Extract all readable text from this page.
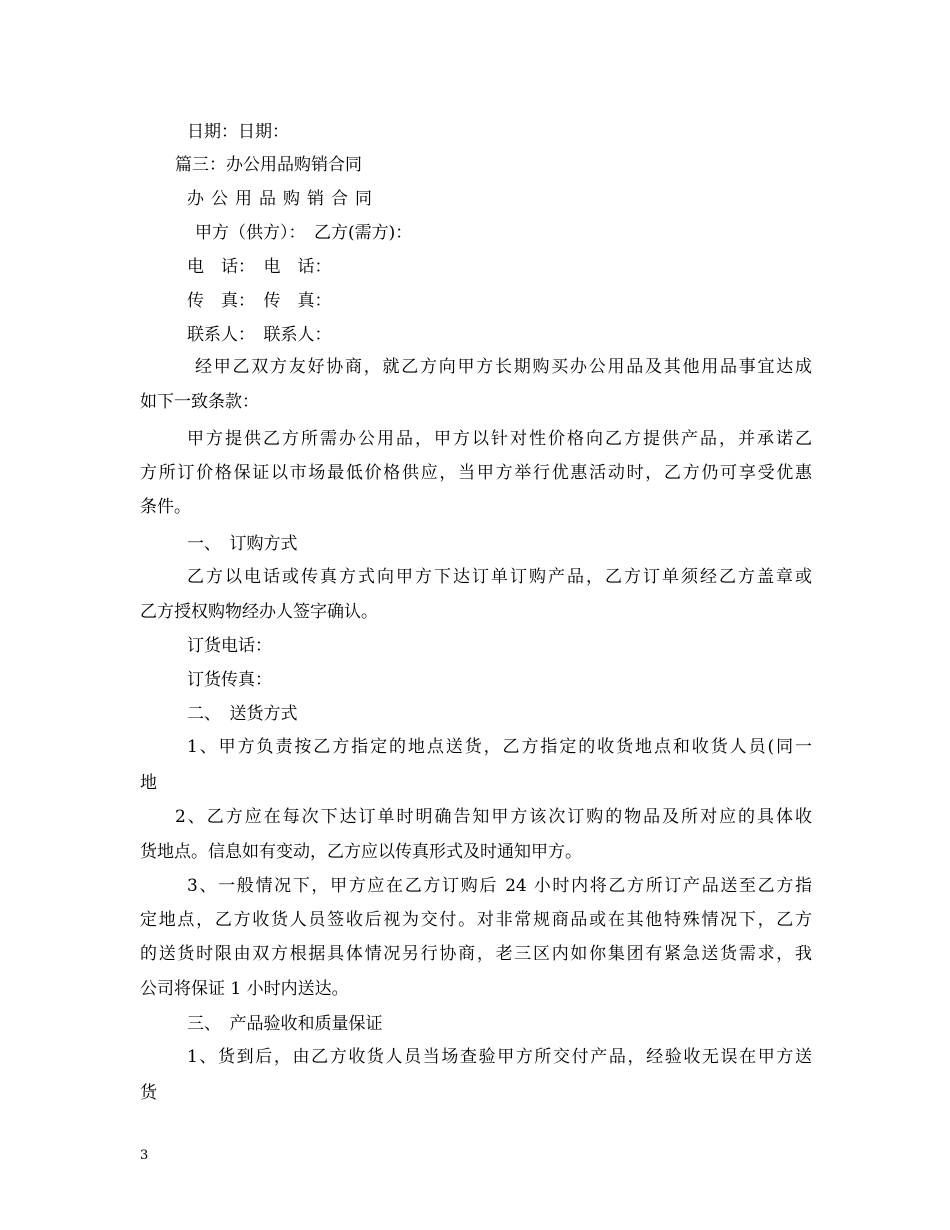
日期：日期：

篇三：办公用品购销合同

办公用品购销合同

甲方（供方）：　乙方(需方)：

电　话：　电　话：

传　真：　传　真：

联系人：　联系人：

经甲乙双方友好协商，就乙方向甲方长期购买办公用品及其他用品事宜达成

如下一致条款：

甲方提供乙方所需办公用品，甲方以针对性价格向乙方提供产品，并承诺乙

方所订价格保证以市场最低价格供应，当甲方举行优惠活动时，乙方仍可享受优惠

条件。

一、　订购方式

乙方以电话或传真方式向甲方下达订单订购产品，乙方订单须经乙方盖章或

乙方授权购物经办人签字确认。

订货电话：

订货传真：

二、　送货方式

1、甲方负责按乙方指定的地点送货，乙方指定的收货地点和收货人员(同一

地

2、乙方应在每次下达订单时明确告知甲方该次订购的物品及所对应的具体收

货地点。信息如有变动，乙方应以传真形式及时通知甲方。

3、一般情况下，甲方应在乙方订购后 24 小时内将乙方所订产品送至乙方指

定地点，乙方收货人员签收后视为交付。对非常规商品或在其他特殊情况下，乙方

的送货时限由双方根据具体情况另行协商，老三区内如你集团有紧急送货需求，我

公司将保证 1 小时内送达。

三、　产品验收和质量保证

1、货到后，由乙方收货人员当场查验甲方所交付产品，经验收无误在甲方送

货

3
